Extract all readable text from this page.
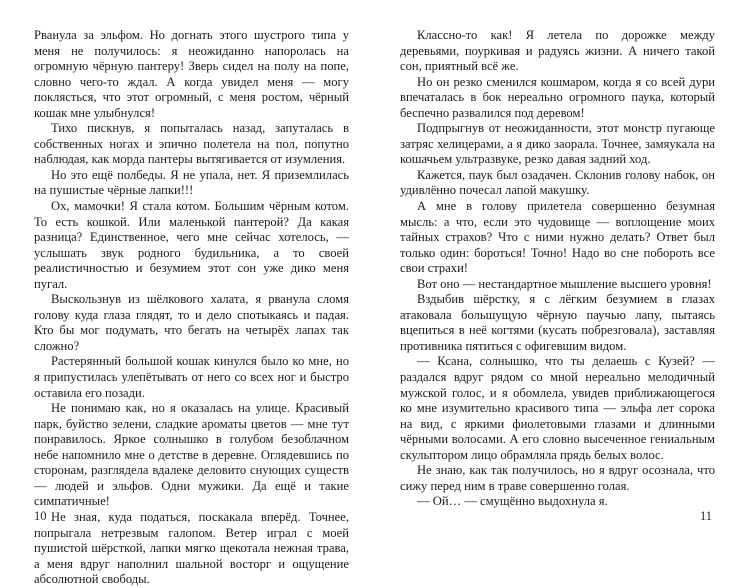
Рванула за эльфом. Но догнать этого шустрого типа у меня не получилось: я неожиданно напоролась на огромную чёрную пантеру! Зверь сидел на полу на попе, словно чего-то ждал. А когда увидел меня — могу поклясться, что этот огромный, с меня ростом, чёрный кошак мне улыбнулся!

Тихо пискнув, я попыталась назад, запуталась в собственных ногах и эпично полетела на пол, попутно наблюдая, как морда пантеры вытягивается от изумления.

Но это ещё полбеды. Я не упала, нет. Я приземлилась на пушистые чёрные лапки!!!

Ох, мамочки! Я стала котом. Большим чёрным котом. То есть кошкой. Или маленькой пантерой? Да какая разница? Единственное, чего мне сейчас хотелось, — услышать звук родного будильника, а то своей реалистичностью и безумием этот сон уже дико меня пугал.

Выскользнув из шёлкового халата, я рванула сломя голову куда глаза глядят, то и дело спотыкаясь и падая. Кто бы мог подумать, что бегать на четырёх лапах так сложно?

Растерянный большой кошак кинулся было ко мне, но я припустилась улепётывать от него со всех ног и быстро оставила его позади.

Не понимаю как, но я оказалась на улице. Красивый парк, буйство зелени, сладкие ароматы цветов — мне тут понравилось. Яркое солнышко в голубом безоблачном небе напомнило мне о детстве в деревне. Оглядевшись по сторонам, разглядела вдалеке деловито снующих существ — людей и эльфов. Одни мужики. Да ещё и такие симпатичные!

Не зная, куда податься, поскакала вперёд. Точнее, попрыгала нетрезвым галопом. Ветер играл с моей пушистой шёрсткой, лапки мягко щекотала нежная трава, а меня вдруг наполнил шальной восторг и ощущение абсолютной свободы.

10

Классно-то как! Я летела по дорожке между деревьями, поуркивая и радуясь жизни. А ничего такой сон, приятный всё же.

Но он резко сменился кошмаром, когда я со всей дури впечаталась в бок нереально огромного паука, который беспечно развалился под деревом!

Подпрыгнув от неожиданности, этот монстр пугающе затряс хелицерами, а я дико заорала. Точнее, замяукала на кошачьем ультразвуке, резко давая задний ход.

Кажется, паук был озадачен. Склонив голову набок, он удивлённо почесал лапой макушку.

А мне в голову прилетела совершенно безумная мысль: а что, если это чудовище — воплощение моих тайных страхов? Что с ними нужно делать? Ответ был только один: бороться! Точно! Надо во сне побороть все свои страхи!

Вот оно — нестандартное мышление высшего уровня!

Вздыбив шёрстку, я с лёгким безумием в глазах атаковала большущую чёрную паучью лапу, пытаясь вцепиться в неё когтями (кусать побрезговала), заставляя противника пятиться с офигевшим видом.

— Ксана, солнышко, что ты делаешь с Кузей? — раздался вдруг рядом со мной нереально мелодичный мужской голос, и я обомлела, увидев приближающегося ко мне изумительно красивого типа — эльфа лет сорока на вид, с яркими фиолетовыми глазами и длинными чёрными волосами. А его словно высеченное гениальным скульптором лицо обрамляла прядь белых волос.

Не знаю, как так получилось, но я вдруг осознала, что сижу перед ним в траве совершенно голая.

— Ой… — смущённо выдохнула я.

11
